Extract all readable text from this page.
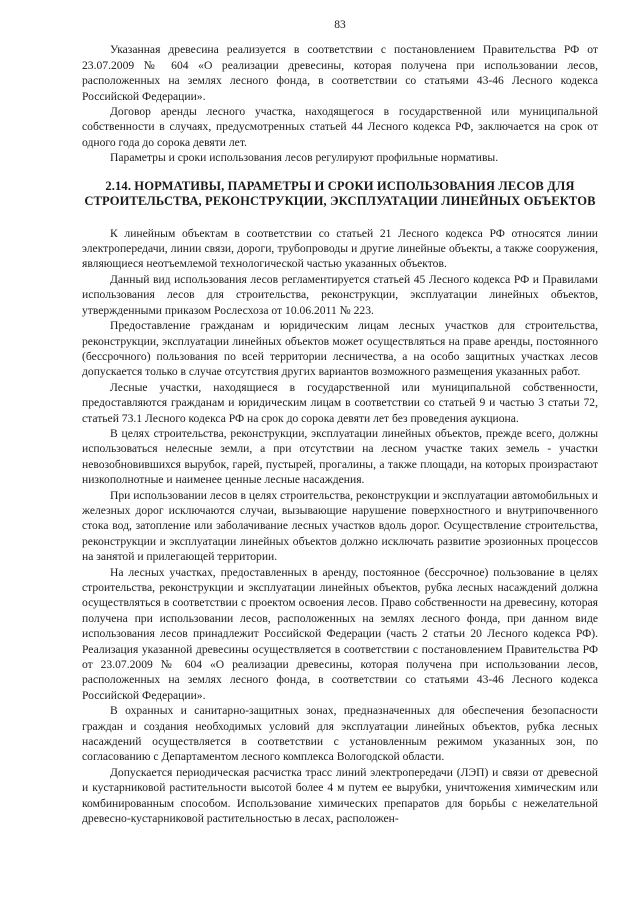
83

Указанная древесина реализуется в соответствии с постановлением Правительства РФ от 23.07.2009 № 604 «О реализации древесины, которая получена при использовании лесов, расположенных на землях лесного фонда, в соответствии со статьями 43-46 Лесного кодекса Российской Федерации».

Договор аренды лесного участка, находящегося в государственной или муниципальной собственности в случаях, предусмотренных статьей 44 Лесного кодекса РФ, заключается на срок от одного года до сорока девяти лет.

Параметры и сроки использования лесов регулируют профильные нормативы.

2.14. НОРМАТИВЫ, ПАРАМЕТРЫ И СРОКИ ИСПОЛЬЗОВАНИЯ ЛЕСОВ ДЛЯ СТРОИТЕЛЬСТВА, РЕКОНСТРУКЦИИ, ЭКСПЛУАТАЦИИ ЛИНЕЙНЫХ ОБЪЕКТОВ

К линейным объектам в соответствии со статьей 21 Лесного кодекса РФ относятся линии электропередачи, линии связи, дороги, трубопроводы и другие линейные объекты, а также сооружения, являющиеся неотъемлемой технологической частью указанных объектов.

Данный вид использования лесов регламентируется статьей 45 Лесного кодекса РФ и Правилами использования лесов для строительства, реконструкции, эксплуатации линейных объектов, утвержденными приказом Рослесхоза от 10.06.2011 № 223.

Предоставление гражданам и юридическим лицам лесных участков для строительства, реконструкции, эксплуатации линейных объектов может осуществляться на праве аренды, постоянного (бессрочного) пользования по всей территории лесничества, а на особо защитных участках лесов допускается только в случае отсутствия других вариантов возможного размещения указанных работ.

Лесные участки, находящиеся в государственной или муниципальной собственности, предоставляются гражданам и юридическим лицам в соответствии со статьей 9 и частью 3 статьи 72, статьей 73.1 Лесного кодекса РФ на срок до сорока девяти лет без проведения аукциона.

В целях строительства, реконструкции, эксплуатации линейных объектов, прежде всего, должны использоваться нелесные земли, а при отсутствии на лесном участке таких земель - участки невозобновившихся вырубок, гарей, пустырей, прогалины, а также площади, на которых произрастают низкополнотные и наименее ценные лесные насаждения.

При использовании лесов в целях строительства, реконструкции и эксплуатации автомобильных и железных дорог исключаются случаи, вызывающие нарушение поверхностного и внутрипочвенного стока вод, затопление или заболачивание лесных участков вдоль дорог. Осуществление строительства, реконструкции и эксплуатации линейных объектов должно исключать развитие эрозионных процессов на занятой и прилегающей территории.

На лесных участках, предоставленных в аренду, постоянное (бессрочное) пользование в целях строительства, реконструкции и эксплуатации линейных объектов, рубка лесных насаждений должна осуществляться в соответствии с проектом освоения лесов. Право собственности на древесину, которая получена при использовании лесов, расположенных на землях лесного фонда, при данном виде использования лесов принадлежит Российской Федерации (часть 2 статьи 20 Лесного кодекса РФ). Реализация указанной древесины осуществляется в соответствии с постановлением Правительства РФ от 23.07.2009 № 604 «О реализации древесины, которая получена при использовании лесов, расположенных на землях лесного фонда, в соответствии со статьями 43-46 Лесного кодекса Российской Федерации».

В охранных и санитарно-защитных зонах, предназначенных для обеспечения безопасности граждан и создания необходимых условий для эксплуатации линейных объектов, рубка лесных насаждений осуществляется в соответствии с установленным режимом указанных зон, по согласованию с Департаментом лесного комплекса Вологодской области.

Допускается периодическая расчистка трасс линий электропередачи (ЛЭП) и связи от древесной и кустарниковой растительности высотой более 4 м путем ее вырубки, уничтожения химическим или комбинированным способом. Использование химических препаратов для борьбы с нежелательной древесно-кустарниковой растительностью в лесах, расположен-
